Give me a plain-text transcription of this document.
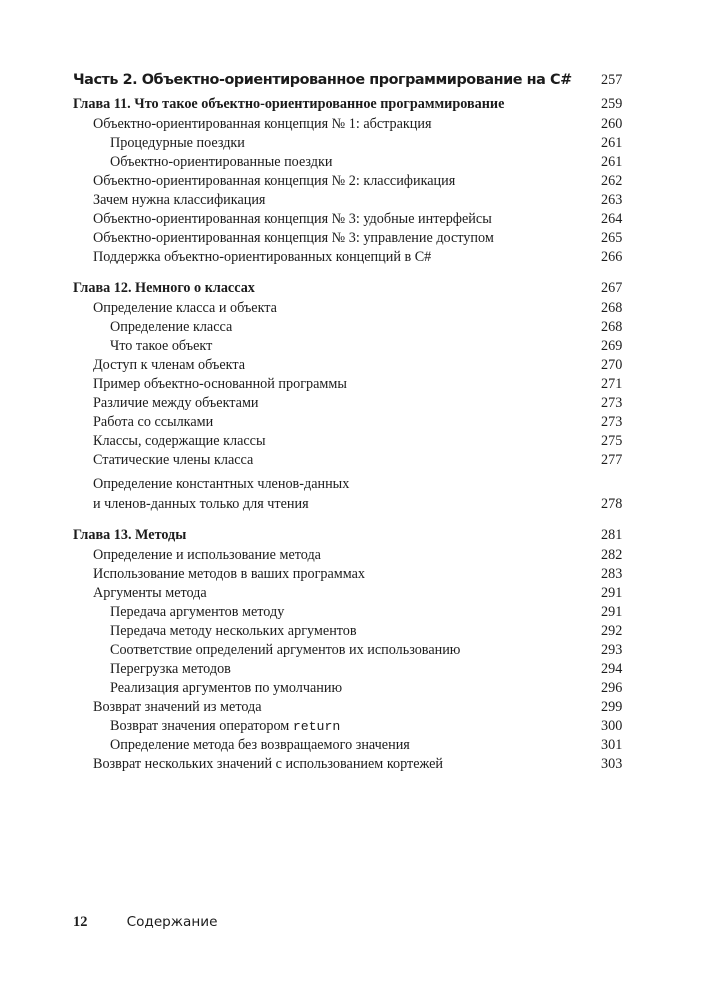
Часть 2. Объектно-ориентированное программирование на C#	257
Глава 11. Что такое объектно-ориентированное программирование	259
Объектно-ориентированная концепция № 1: абстракция	260
Процедурные поездки	261
Объектно-ориентированные поездки	261
Объектно-ориентированная концепция № 2: классификация	262
Зачем нужна классификация	263
Объектно-ориентированная концепция № 3: удобные интерфейсы	264
Объектно-ориентированная концепция № 3: управление доступом	265
Поддержка объектно-ориентированных концепций в C#	266
Глава 12. Немного о классах	267
Определение класса и объекта	268
Определение класса	268
Что такое объект	269
Доступ к членам объекта	270
Пример объектно-основанной программы	271
Различие между объектами	273
Работа со ссылками	273
Классы, содержащие классы	275
Статические члены класса	277
Определение константных членов-данных
и членов-данных только для чтения	278
Глава 13. Методы	281
Определение и использование метода	282
Использование методов в ваших программах	283
Аргументы метода	291
Передача аргументов методу	291
Передача методу нескольких аргументов	292
Соответствие определений аргументов их использованию	293
Перегрузка методов	294
Реализация аргументов по умолчанию	296
Возврат значений из метода	299
Возврат значения оператором return	300
Определение метода без возвращаемого значения	301
Возврат нескольких значений с использованием кортежей	303
12	Содержание
